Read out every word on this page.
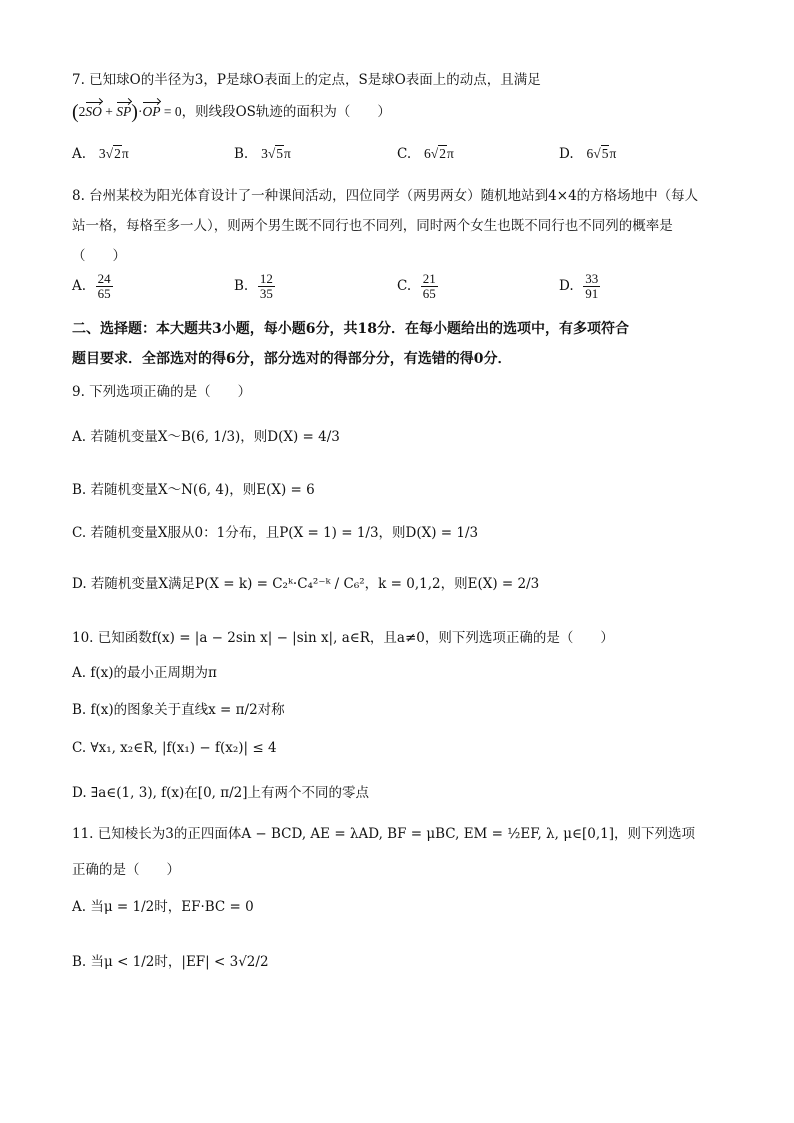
7. 已知球O的半径为3，P是球O表面上的定点，S是球O表面上的动点，且满足
(2SO + SP)·OP = 0，则线段OS轨迹的面积为（　　）
A. 3√2π	B. 3√5π	C. 6√2π	D. 6√5π
8. 台州某校为阳光体育设计了一种课间活动，四位同学（两男两女）随机地站到4×4的方格场地中（每人
站一格，每格至多一人），则两个男生既不同行也不同列，同时两个女生也既不同行也不同列的概率是
（　　）
A. $\frac{24}{65}$	B. $\frac{12}{35}$	C. $\frac{21}{65}$	D. $\frac{33}{91}$
二、选择题：本大题共3小题，每小题6分，共18分．在每小题给出的选项中，有多项符合
题目要求．全部选对的得6分，部分选对的得部分分，有选错的得0分．
9. 下列选项正确的是（　　）
A. 若随机变量X～B(6, 1/3)，则D(X) = 4/3
B. 若随机变量X～N(6, 4)，则E(X) = 6
C. 若随机变量X服从0：1分布，且P(X = 1) = 1/3，则D(X) = 1/3
D. 若随机变量X满足P(X = k) = C₂ᵏ·C₄²⁻ᵏ / C₆²，k = 0,1,2，则E(X) = 2/3
10. 已知函数f(x) = |a − 2sin x| − |sin x|, a∈R，且a≠0，则下列选项正确的是（　　）
A. f(x)的最小正周期为π
B. f(x)的图象关于直线x = π/2对称
C. ∀x₁, x₂∈R, |f(x₁) − f(x₂)| ≤ 4
D. ∃a∈(1, 3), f(x)在[0, π/2]上有两个不同的零点
11. 已知棱长为3的正四面体A − BCD, AE = λAD, BF = μBC, EM = ½EF, λ, μ∈[0,1]，则下列选项
正确的是（　　）
A. 当μ = 1/2时，EF·BC = 0
B. 当μ < 1/2时，|EF| < 3√2/2
